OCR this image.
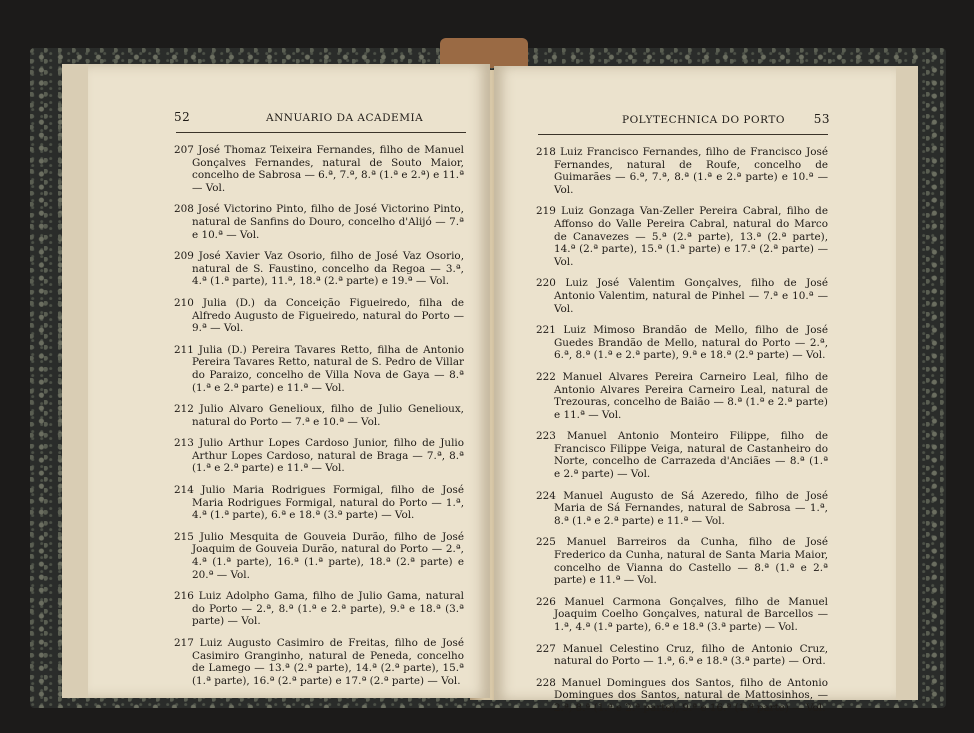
52	ANNUARIO DA ACADEMIA

207 José Thomaz Teixeira Fernandes, filho de Manuel Gonçalves Fernandes, natural de Souto Maior, concelho de Sabrosa — 6.ª, 7.ª, 8.ª (1.ª e 2.ª) e 11.ª — Vol.

208 José Victorino Pinto, filho de José Victorino Pinto, natural de Sanfins do Douro, concelho d'Alijó — 7.ª e 10.ª — Vol.

209 José Xavier Vaz Osorio, filho de José Vaz Osorio, natural de S. Faustino, concelho da Regoa — 3.ª, 4.ª (1.ª parte), 11.ª, 18.ª (2.ª parte) e 19.ª — Vol.

210 Julia (D.) da Conceição Figueiredo, filha de Alfredo Augusto de Figueiredo, natural do Porto — 9.ª — Vol.

211 Julia (D.) Pereira Tavares Retto, filha de Antonio Pereira Tavares Retto, natural de S. Pedro de Villar do Paraizo, concelho de Villa Nova de Gaya — 8.ª (1.ª e 2.ª parte) e 11.ª — Vol.

212 Julio Alvaro Genelioux, filho de Julio Genelioux, natural do Porto — 7.ª e 10.ª — Vol.

213 Julio Arthur Lopes Cardoso Junior, filho de Julio Arthur Lopes Cardoso, natural de Braga — 7.ª, 8.ª (1.ª e 2.ª parte) e 11.ª — Vol.

214 Julio Maria Rodrigues Formigal, filho de José Maria Rodrigues Formigal, natural do Porto — 1.ª, 4.ª (1.ª parte), 6.ª e 18.ª (3.ª parte) — Vol.

215 Julio Mesquita de Gouveia Durão, filho de José Joaquim de Gouveia Durão, natural do Porto — 2.ª, 4.ª (1.ª parte), 16.ª (1.ª parte), 18.ª (2.ª parte) e 20.ª — Vol.

216 Luiz Adolpho Gama, filho de Julio Gama, natural do Porto — 2.ª, 8.ª (1.ª e 2.ª parte), 9.ª e 18.ª (3.ª parte) — Vol.

217 Luiz Augusto Casimiro de Freitas, filho de José Casimiro Granginho, natural de Peneda, concelho de Lamego — 13.ª (2.ª parte), 14.ª (2.ª parte), 15.ª (1.ª parte), 16.ª (2.ª parte) e 17.ª (2.ª parte) — Vol.

POLYTECHNICA DO PORTO 53

218 Luiz Francisco Fernandes, filho de Francisco José Fernandes, natural de Roufe, concelho de Guimarães — 6.ª, 7.ª, 8.ª (1.ª e 2.ª parte) e 10.ª — Vol.

219 Luiz Gonzaga Van-Zeller Pereira Cabral, filho de Affonso do Valle Pereira Cabral, natural do Marco de Canavezes — 5.ª (2.ª parte), 13.ª (2.ª parte), 14.ª (2.ª parte), 15.ª (1.ª parte) e 17.ª (2.ª parte) — Vol.

220 Luiz José Valentim Gonçalves, filho de José Antonio Valentim, natural de Pinhel — 7.ª e 10.ª — Vol.

221 Luiz Mimoso Brandão de Mello, filho de José Guedes Brandão de Mello, natural do Porto — 2.ª, 6.ª, 8.ª (1.ª e 2.ª parte), 9.ª e 18.ª (2.ª parte) — Vol.

222 Manuel Alvares Pereira Carneiro Leal, filho de Antonio Alvares Pereira Carneiro Leal, natural de Trezouras, concelho de Baião — 8.ª (1.ª e 2.ª parte) e 11.ª — Vol.

223 Manuel Antonio Monteiro Filippe, filho de Francisco Filippe Veiga, natural de Castanheiro do Norte, concelho de Carrazeda d'Anciães — 8.ª (1.ª e 2.ª parte) — Vol.

224 Manuel Augusto de Sá Azeredo, filho de José Maria de Sá Fernandes, natural de Sabrosa — 1.ª, 8.ª (1.ª e 2.ª parte) e 11.ª — Vol.

225 Manuel Barreiros da Cunha, filho de José Frederico da Cunha, natural de Santa Maria Maior, concelho de Vianna do Castello — 8.ª (1.ª e 2.ª parte) e 11.ª — Vol.

226 Manuel Carmona Gonçalves, filho de Manuel Joaquim Coelho Gonçalves, natural de Barcellos — 1.ª, 4.ª (1.ª parte), 6.ª e 18.ª (3.ª parte) — Vol.

227 Manuel Celestino Cruz, filho de Antonio Cruz, natural do Porto — 1.ª, 6.ª e 18.ª (3.ª parte) — Ord.

228 Manuel Domingues dos Santos, filho de Antonio Domingues dos Santos, natural de Mattosinhos, — 2.ª, 8.ª (1.ª e 2.ª parte), 9.ª e 16.ª (1.ª parte) — Vol.
